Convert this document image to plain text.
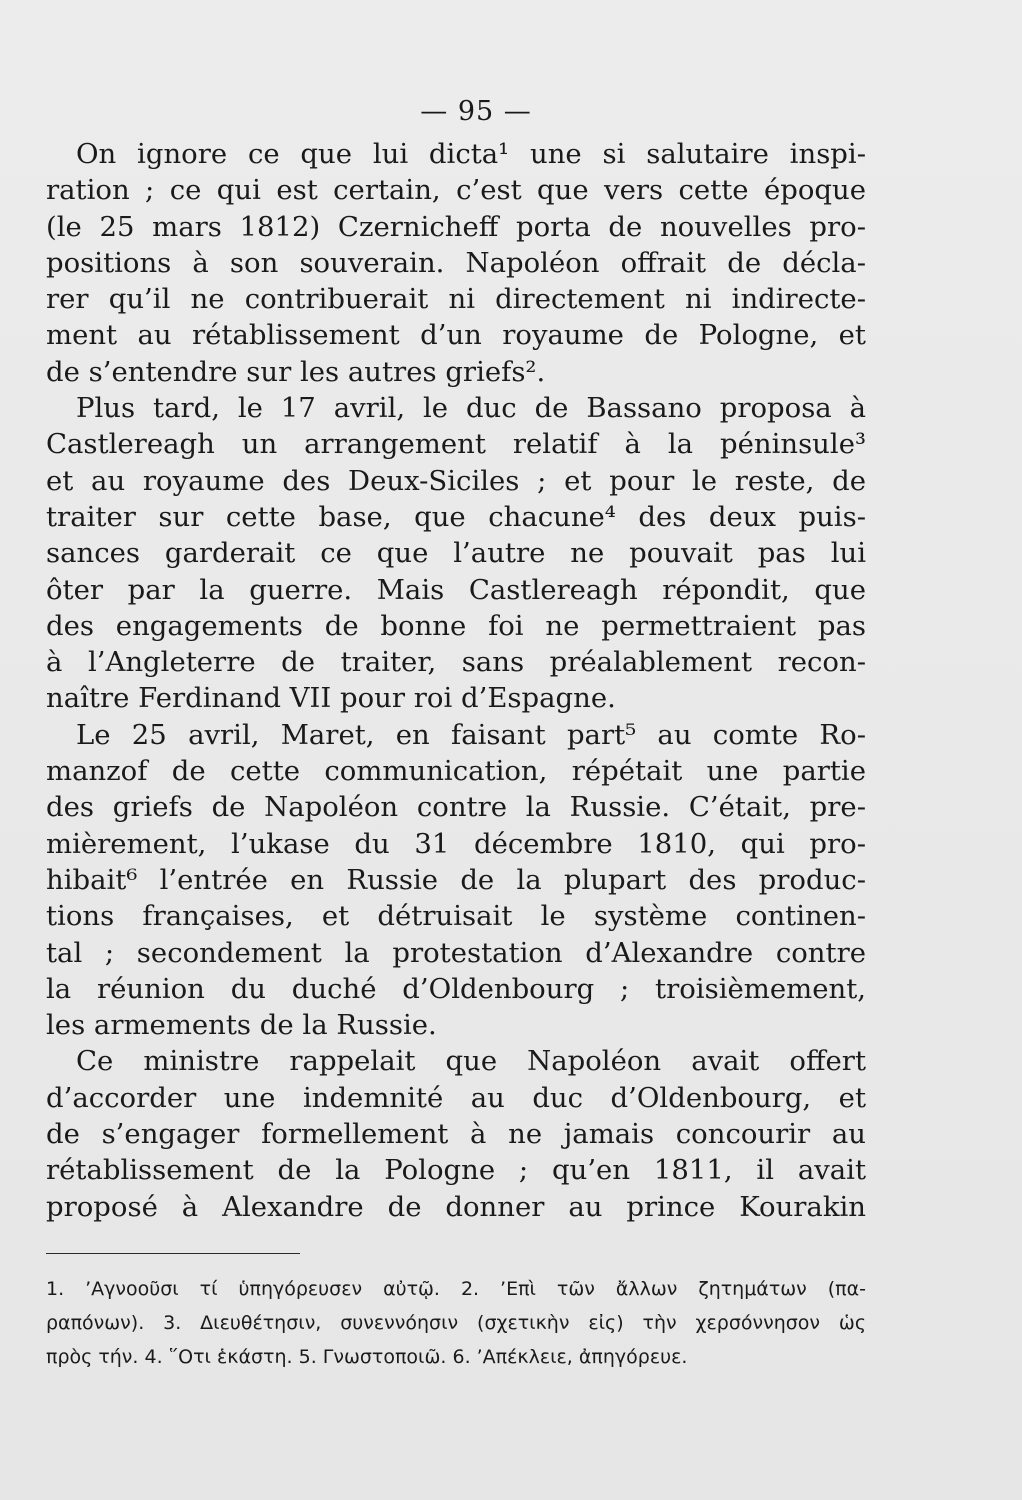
— 95 —
On ignore ce que lui dicta¹ une si salutaire inspi-
ration ; ce qui est certain, c’est que vers cette époque
(le 25 mars 1812) Czernicheff porta de nouvelles pro-
positions à son souverain. Napoléon offrait de décla-
rer qu’il ne contribuerait ni directement ni indirecte-
ment au rétablissement d’un royaume de Pologne, et
de s’entendre sur les autres griefs².
Plus tard, le 17 avril, le duc de Bassano proposa à
Castlereagh un arrangement relatif à la péninsule³
et au royaume des Deux-Siciles ; et pour le reste, de
traiter sur cette base, que chacune⁴ des deux puis-
sances garderait ce que l’autre ne pouvait pas lui
ôter par la guerre. Mais Castlereagh répondit, que
des engagements de bonne foi ne permettraient pas
à l’Angleterre de traiter, sans préalablement recon-
naître Ferdinand VII pour roi d’Espagne.
Le 25 avril, Maret, en faisant part⁵ au comte Ro-
manzof de cette communication, répétait une partie
des griefs de Napoléon contre la Russie. C’était, pre-
mièrement, l’ukase du 31 décembre 1810, qui pro-
hibait⁶ l’entrée en Russie de la plupart des produc-
tions françaises, et détruisait le système continen-
tal ; secondement la protestation d’Alexandre contre
la réunion du duché d’Oldenbourg ; troisièmement,
les armements de la Russie.
Ce ministre rappelait que Napoléon avait offert
d’accorder une indemnité au duc d’Oldenbourg, et
de s’engager formellement à ne jamais concourir au
rétablissement de la Pologne ; qu’en 1811, il avait
proposé à Alexandre de donner au prince Kourakin
1. ’Αγνοοῦσι τί ὑπηγόρευσεν αὐτῷ. 2. ’Επὶ τῶν ἄλλων ζητημάτων (πα-
ραπόνων). 3. Διευθέτησιν, συνεννόησιν (σχετικὴν εἰς) τὴν χερσόννησον ὡς
πρὸς τήν. 4. ῞Οτι ἑκάστη. 5. Γνωστοποιῶ. 6. ’Απέκλειε, ἀπηγόρευε.
